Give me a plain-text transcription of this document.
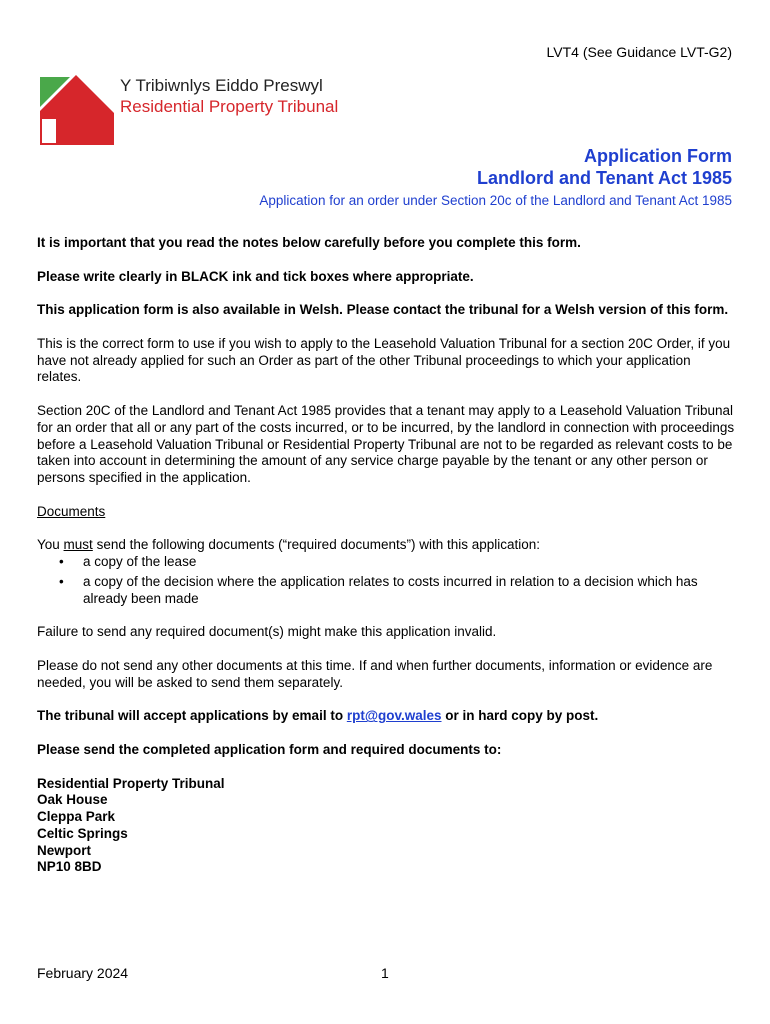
LVT4 (See Guidance LVT-G2)
Y Tribiwnlys Eiddo Preswyl
Residential Property Tribunal
Application Form
Landlord and Tenant Act 1985
Application for an order under Section 20c of the Landlord and Tenant Act 1985

It is important that you read the notes below carefully before you complete this form.

Please write clearly in BLACK ink and tick boxes where appropriate.

This application form is also available in Welsh. Please contact the tribunal for a Welsh version of this form.

This is the correct form to use if you wish to apply to the Leasehold Valuation Tribunal for a section 20C Order, if you have not already applied for such an Order as part of the other Tribunal proceedings to which your application relates.

Section 20C of the Landlord and Tenant Act 1985 provides that a tenant may apply to a Leasehold Valuation Tribunal for an order that all or any part of the costs incurred, or to be incurred, by the landlord in connection with proceedings before a Leasehold Valuation Tribunal or Residential Property Tribunal are not to be regarded as relevant costs to be taken into account in determining the amount of any service charge payable by the tenant or any other person or persons specified in the application.

Documents

You must send the following documents (“required documents”) with this application:
• a copy of the lease
• a copy of the decision where the application relates to costs incurred in relation to a decision which has already been made

Failure to send any required document(s) might make this application invalid.

Please do not send any other documents at this time. If and when further documents, information or evidence are needed, you will be asked to send them separately.

The tribunal will accept applications by email to rpt@gov.wales or in hard copy by post.

Please send the completed application form and required documents to:

Residential Property Tribunal
Oak House
Cleppa Park
Celtic Springs
Newport
NP10 8BD
February 2024	1
